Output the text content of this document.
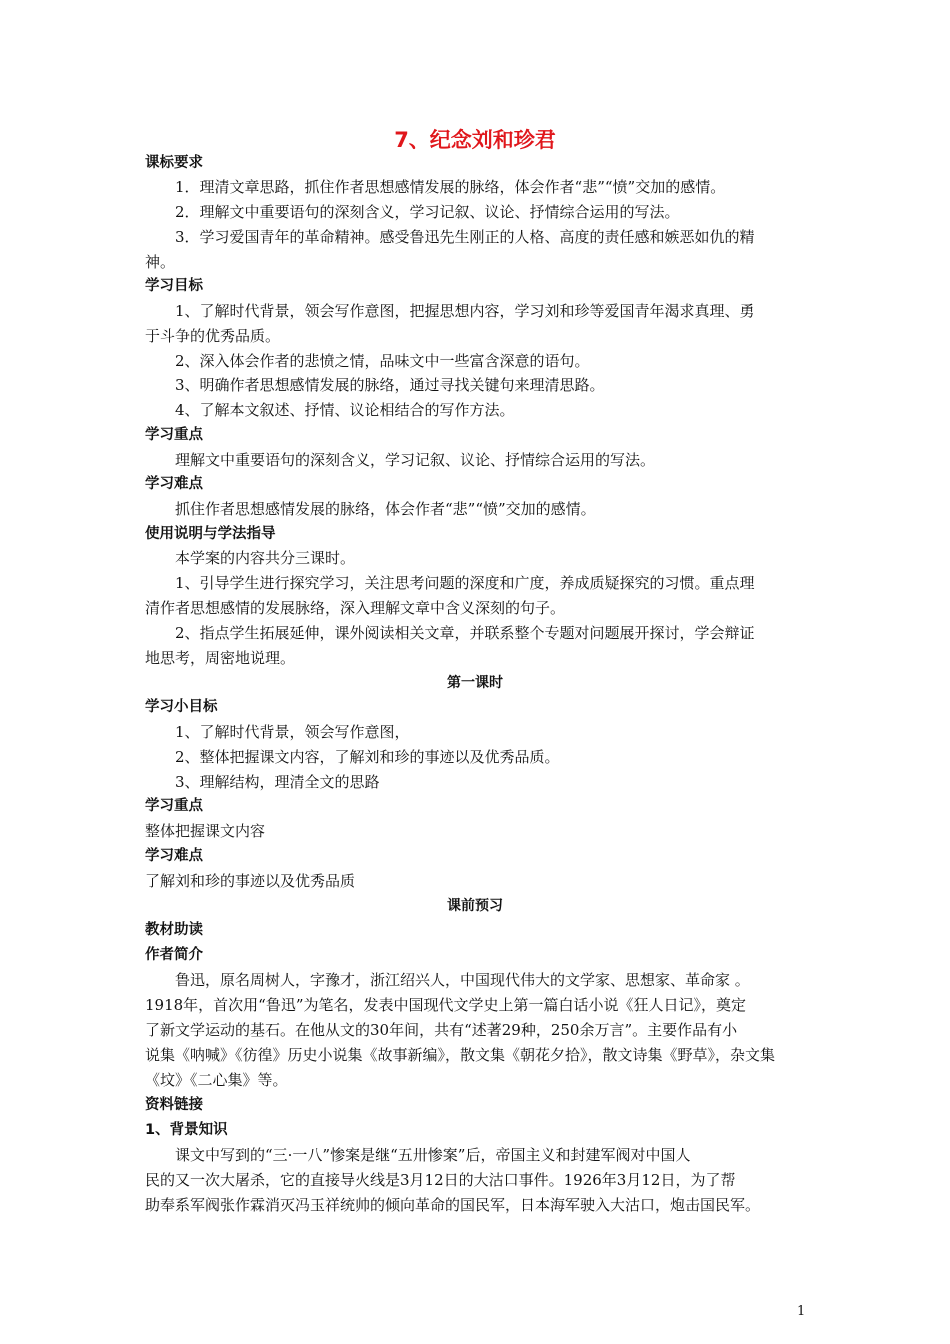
7、纪念刘和珍君
课标要求
1．理清文章思路，抓住作者思想感情发展的脉络，体会作者“悲”“愤”交加的感情。
2．理解文中重要语句的深刻含义，学习记叙、议论、抒情综合运用的写法。
3．学习爱国青年的革命精神。感受鲁迅先生刚正的人格、高度的责任感和嫉恶如仇的精
神。
学习目标
1、了解时代背景，领会写作意图，把握思想内容，学习刘和珍等爱国青年渴求真理、勇
于斗争的优秀品质。
2、深入体会作者的悲愤之情，品味文中一些富含深意的语句。
3、明确作者思想感情发展的脉络，通过寻找关键句来理清思路。
4、了解本文叙述、抒情、议论相结合的写作方法。
学习重点
理解文中重要语句的深刻含义，学习记叙、议论、抒情综合运用的写法。
学习难点
抓住作者思想感情发展的脉络，体会作者“悲”“愤”交加的感情。
使用说明与学法指导
本学案的内容共分三课时。
1、引导学生进行探究学习，关注思考问题的深度和广度，养成质疑探究的习惯。重点理
清作者思想感情的发展脉络，深入理解文章中含义深刻的句子。
2、指点学生拓展延伸，课外阅读相关文章，并联系整个专题对问题展开探讨，学会辩证
地思考，周密地说理。
第一课时
学习小目标
1、了解时代背景，领会写作意图，
2、整体把握课文内容，了解刘和珍的事迹以及优秀品质。
3、理解结构，理清全文的思路
学习重点
整体把握课文内容
学习难点
了解刘和珍的事迹以及优秀品质
课前预习
教材助读
作者简介
鲁迅，原名周树人，字豫才，浙江绍兴人，中国现代伟大的文学家、思想家、革命家 。
1918年，首次用“鲁迅”为笔名，发表中国现代文学史上第一篇白话小说《狂人日记》，奠定
了新文学运动的基石。在他从文的30年间，共有“述著29种，250余万言”。主要作品有小
说集《呐喊》《彷徨》历史小说集《故事新编》，散文集《朝花夕拾》，散文诗集《野草》，杂文集
《坟》《二心集》等。
资料链接
1、背景知识
课文中写到的“三·一八”惨案是继“五卅惨案”后，帝国主义和封建军阀对中国人
民的又一次大屠杀，它的直接导火线是3月12日的大沽口事件。1926年3月12日，为了帮
助奉系军阀张作霖消灭冯玉祥统帅的倾向革命的国民军，日本海军驶入大沽口，炮击国民军。
1
